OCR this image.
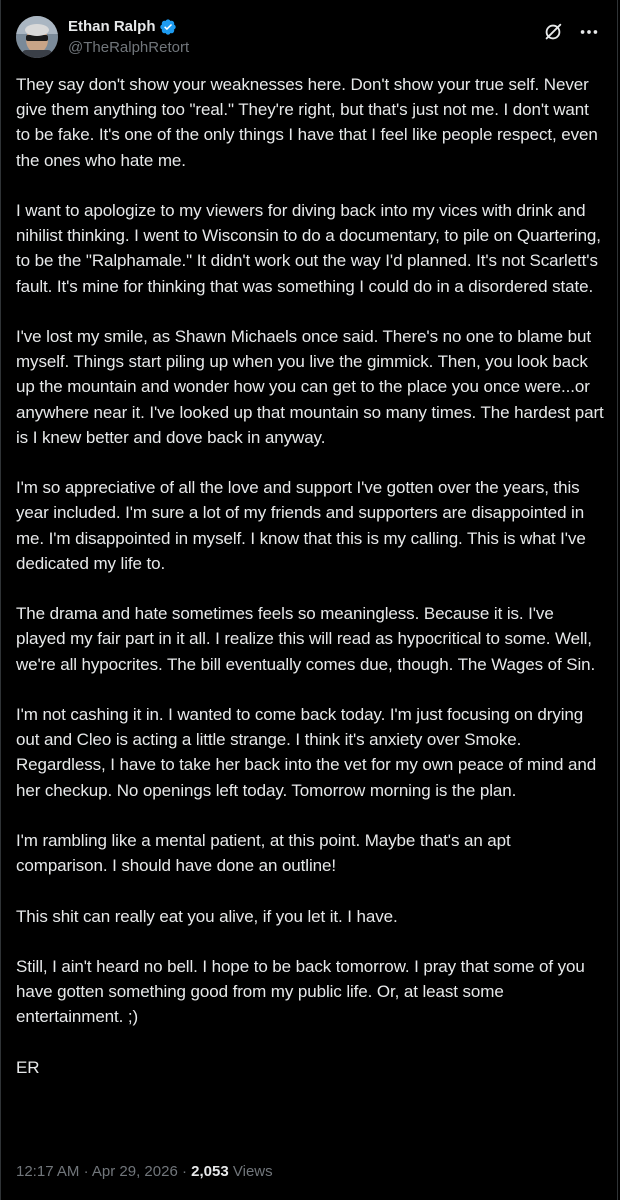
Ethan Ralph
@TheRalphRetort

They say don't show your weaknesses here. Don't show your true self. Never give them anything too "real." They're right, but that's just not me. I don't want to be fake. It's one of the only things I have that I feel like people respect, even the ones who hate me.

I want to apologize to my viewers for diving back into my vices with drink and nihilist thinking. I went to Wisconsin to do a documentary, to pile on Quartering, to be the "Ralphamale." It didn't work out the way I'd planned. It's not Scarlett's fault. It's mine for thinking that was something I could do in a disordered state.

I've lost my smile, as Shawn Michaels once said. There's no one to blame but myself. Things start piling up when you live the gimmick. Then, you look back up the mountain and wonder how you can get to the place you once were...or anywhere near it. I've looked up that mountain so many times. The hardest part is I knew better and dove back in anyway.

I'm so appreciative of all the love and support I've gotten over the years, this year included. I'm sure a lot of my friends and supporters are disappointed in me. I'm disappointed in myself. I know that this is my calling. This is what I've dedicated my life to.

The drama and hate sometimes feels so meaningless. Because it is. I've played my fair part in it all. I realize this will read as hypocritical to some. Well, we're all hypocrites. The bill eventually comes due, though. The Wages of Sin.

I'm not cashing it in. I wanted to come back today. I'm just focusing on drying out and Cleo is acting a little strange. I think it's anxiety over Smoke. Regardless, I have to take her back into the vet for my own peace of mind and her checkup. No openings left today. Tomorrow morning is the plan.

I'm rambling like a mental patient, at this point. Maybe that's an apt comparison. I should have done an outline!

This shit can really eat you alive, if you let it. I have.

Still, I ain't heard no bell. I hope to be back tomorrow. I pray that some of you have gotten something good from my public life. Or, at least some entertainment. ;)

ER

12:17 AM · Apr 29, 2026 · 2,053 Views
